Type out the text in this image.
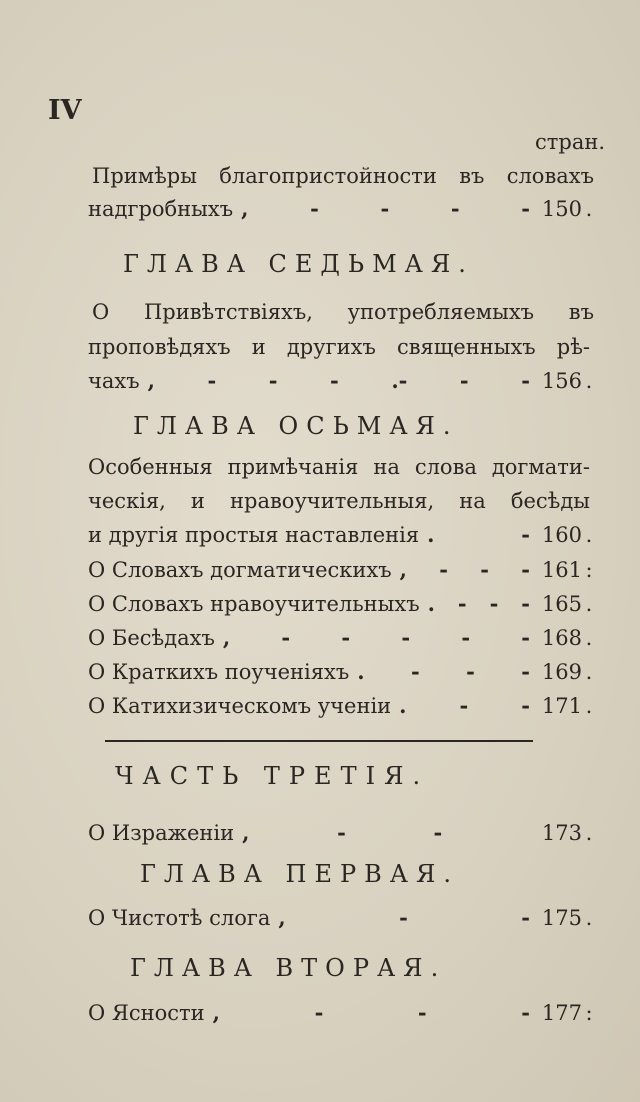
IV
стран.
Примѣры благопристойности въ словахъ
надгробныхъ ,	-	-	-	- 150 .
ГЛАВА СЕДЬМАЯ.
О Привѣтствіяхъ, употребляемыхъ въ
проповѣдяхъ и другихъ священныхъ рѣ-
чахъ ,	-	-	-	.-	-	- 156 .
ГЛАВА ОСЬМАЯ.
Особенныя примѣчанія на слова догмати-
ческія, и нравоучительныя, на бесѣды
и другія простыя наставленія .	- 160 .
О Словахъ догматическихъ , - - - 161 :
О Словахъ нравоучительныхъ . - - - 165 .
О Бесѣдахъ , - - - - - 168 .
О Краткихъ поученіяхъ . - - - 169 .
О Катихизическомъ ученіи .	-	- 171 .
ЧАСТЬ ТРЕТІЯ.
О Израженіи ,	-	-	173 .
ГЛАВА ПЕРВАЯ.
О Чистотѣ слога ,	-	- 175 .
ГЛАВА ВТОРАЯ.
О Ясности ,	-	-	- 177 :
